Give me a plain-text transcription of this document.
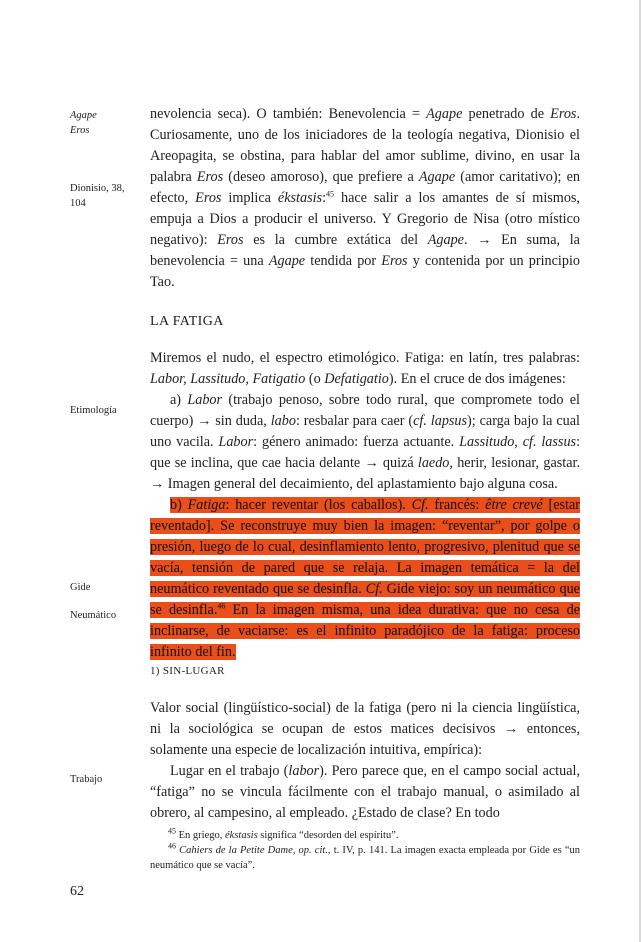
Agape
Eros
Dionisio, 38,
104
Etimología
Gide
Neumático
Trabajo

nevolencia seca). O también: Benevolencia = Agape penetrado de Eros. Curiosamente, uno de los iniciadores de la teología negativa, Dionisio el Areopagita, se obstina, para hablar del amor sublime, divino, en usar la palabra Eros (deseo amoroso), que prefiere a Agape (amor caritativo); en efecto, Eros implica ékstasis:$^{45}$ hace salir a los amantes de sí mismos, empuja a Dios a producir el universo. Y Gregorio de Nisa (otro místico negativo): Eros es la cumbre extática del Agape. → En suma, la benevolencia = una Agape tendida por Eros y contenida por un principio Tao.

LA FATIGA

Miremos el nudo, el espectro etimológico. Fatiga: en latín, tres palabras: Labor, Lassitudo, Fatigatio (o Defatigatio). En el cruce de dos imágenes:

a) Labor (trabajo penoso, sobre todo rural, que compromete todo el cuerpo) → sin duda, labo: resbalar para caer (cf. lapsus); carga bajo la cual uno vacila. Labor: género animado: fuerza actuante. Lassitudo, cf. lassus: que se inclina, que cae hacia delante → quizá laedo, herir, lesionar, gastar. → Imagen general del decaimiento, del aplastamiento bajo alguna cosa.

b) Fatiga: hacer reventar (los caballos). Cf. francés: être crevé [estar reventado]. Se reconstruye muy bien la imagen: “reventar”, por golpe o presión, luego de lo cual, desinflamiento lento, progresivo, plenitud que se vacía, tensión de pared que se relaja. La imagen temática = la del neumático reventado que se desinfla. Cf. Gide viejo: soy un neumático que se desinfla.$^{46}$ En la imagen misma, una idea durativa: que no cesa de inclinarse, de vaciarse: es el infinito paradójico de la fatiga: proceso infinito del fin.

1) SIN-LUGAR

Valor social (lingüístico-social) de la fatiga (pero ni la ciencia lingüística, ni la sociológica se ocupan de estos matices decisivos → entonces, solamente una especie de localización intuitiva, empírica):

Lugar en el trabajo (labor). Pero parece que, en el campo social actual, “fatiga” no se vincula fácilmente con el trabajo manual, o asimilado al obrero, al campesino, al empleado. ¿Estado de clase? En todo

$^{45}$ En griego, ékstasis significa “desorden del espíritu”.

$^{46}$ Cahiers de la Petite Dame, op. cit., t. IV, p. 141. La imagen exacta empleada por Gide es “un neumático que se vacía”.

62
